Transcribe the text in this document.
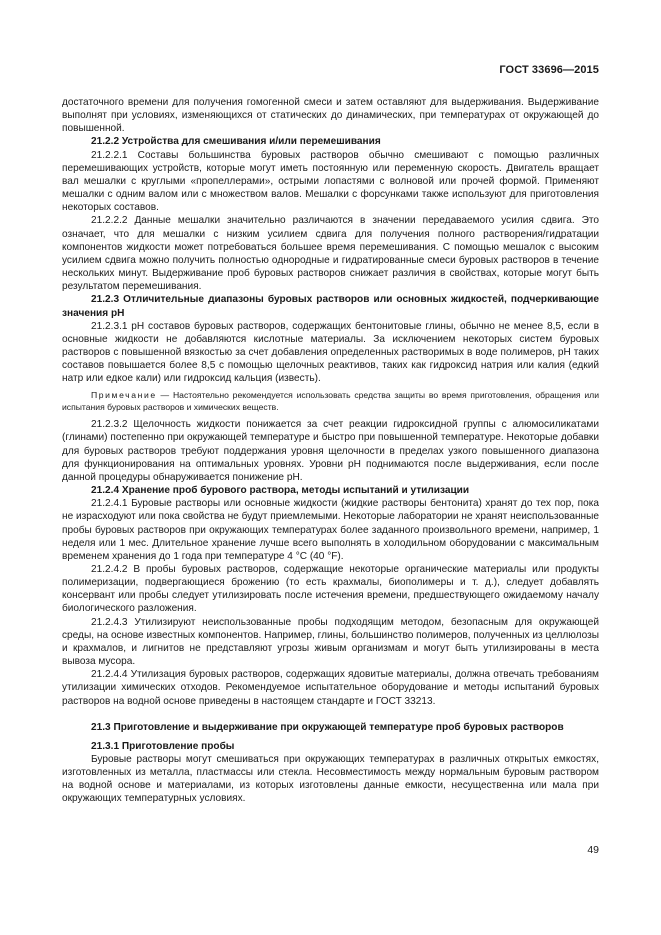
ГОСТ 33696—2015

достаточного времени для получения гомогенной смеси и затем оставляют для выдерживания. Выдерживание выполнят при условиях, изменяющихся от статических до динамических, при температурах от окружающей до повышенной.

21.2.2 Устройства для смешивания и/или перемешивания

21.2.2.1 Составы большинства буровых растворов обычно смешивают с помощью различных перемешивающих устройств, которые могут иметь постоянную или переменную скорость. Двигатель вращает вал мешалки с круглыми «пропеллерами», острыми лопастями с волновой или прочей формой. Применяют мешалки с одним валом или с множеством валов. Мешалки с форсунками также используют для приготовления некоторых составов.

21.2.2.2 Данные мешалки значительно различаются в значении передаваемого усилия сдвига. Это означает, что для мешалки с низким усилием сдвига для получения полного растворения/гидратации компонентов жидкости может потребоваться большее время перемешивания. С помощью мешалок с высоким усилием сдвига можно получить полностью однородные и гидратированные смеси буровых растворов в течение нескольких минут. Выдерживание проб буровых растворов снижает различия в свойствах, которые могут быть результатом перемешивания.

21.2.3 Отличительные диапазоны буровых растворов или основных жидкостей, подчеркивающие значения pH

21.2.3.1 pH составов буровых растворов, содержащих бентонитовые глины, обычно не менее 8,5, если в основные жидкости не добавляются кислотные материалы. За исключением некоторых систем буровых растворов с повышенной вязкостью за счет добавления определенных растворимых в воде полимеров, pH таких составов повышается более 8,5 с помощью щелочных реактивов, таких как гидроксид натрия или калия (едкий натр или едкое кали) или гидроксид кальция (известь).

Примечание — Настоятельно рекомендуется использовать средства защиты во время приготовления, обращения или испытания буровых растворов и химических веществ.

21.2.3.2 Щелочность жидкости понижается за счет реакции гидроксидной группы с алюмосиликатами (глинами) постепенно при окружающей температуре и быстро при повышенной температуре. Некоторые добавки для буровых растворов требуют поддержания уровня щелочности в пределах узкого повышенного диапазона для функционирования на оптимальных уровнях. Уровни pH поднимаются после выдерживания, если после данной процедуры обнаруживается понижение pH.

21.2.4 Хранение проб бурового раствора, методы испытаний и утилизации

21.2.4.1 Буровые растворы или основные жидкости (жидкие растворы бентонита) хранят до тех пор, пока не израсходуют или пока свойства не будут приемлемыми. Некоторые лаборатории не хранят неиспользованные пробы буровых растворов при окружающих температурах более заданного произвольного времени, например, 1 неделя или 1 мес. Длительное хранение лучше всего выполнять в холодильном оборудовании с максимальным временем хранения до 1 года при температуре 4 °С (40 °F).

21.2.4.2 В пробы буровых растворов, содержащие некоторые органические материалы или продукты полимеризации, подвергающиеся брожению (то есть крахмалы, биополимеры и т. д.), следует добавлять консервант или пробы следует утилизировать после истечения времени, предшествующего ожидаемому началу биологического разложения.

21.2.4.3 Утилизируют неиспользованные пробы подходящим методом, безопасным для окружающей среды, на основе известных компонентов. Например, глины, большинство полимеров, полученных из целлюлозы и крахмалов, и лигнитов не представляют угрозы живым организмам и могут быть утилизированы в места вывоза мусора.

21.2.4.4 Утилизация буровых растворов, содержащих ядовитые материалы, должна отвечать требованиям утилизации химических отходов. Рекомендуемое испытательное оборудование и методы испытаний буровых растворов на водной основе приведены в настоящем стандарте и ГОСТ 33213.

21.3 Приготовление и выдерживание при окружающей температуре проб буровых растворов

21.3.1 Приготовление пробы

Буровые растворы могут смешиваться при окружающих температурах в различных открытых емкостях, изготовленных из металла, пластмассы или стекла. Несовместимость между нормальным буровым раствором на водной основе и материалами, из которых изготовлены данные емкости, несущественна или мала при окружающих температурных условиях.

49
